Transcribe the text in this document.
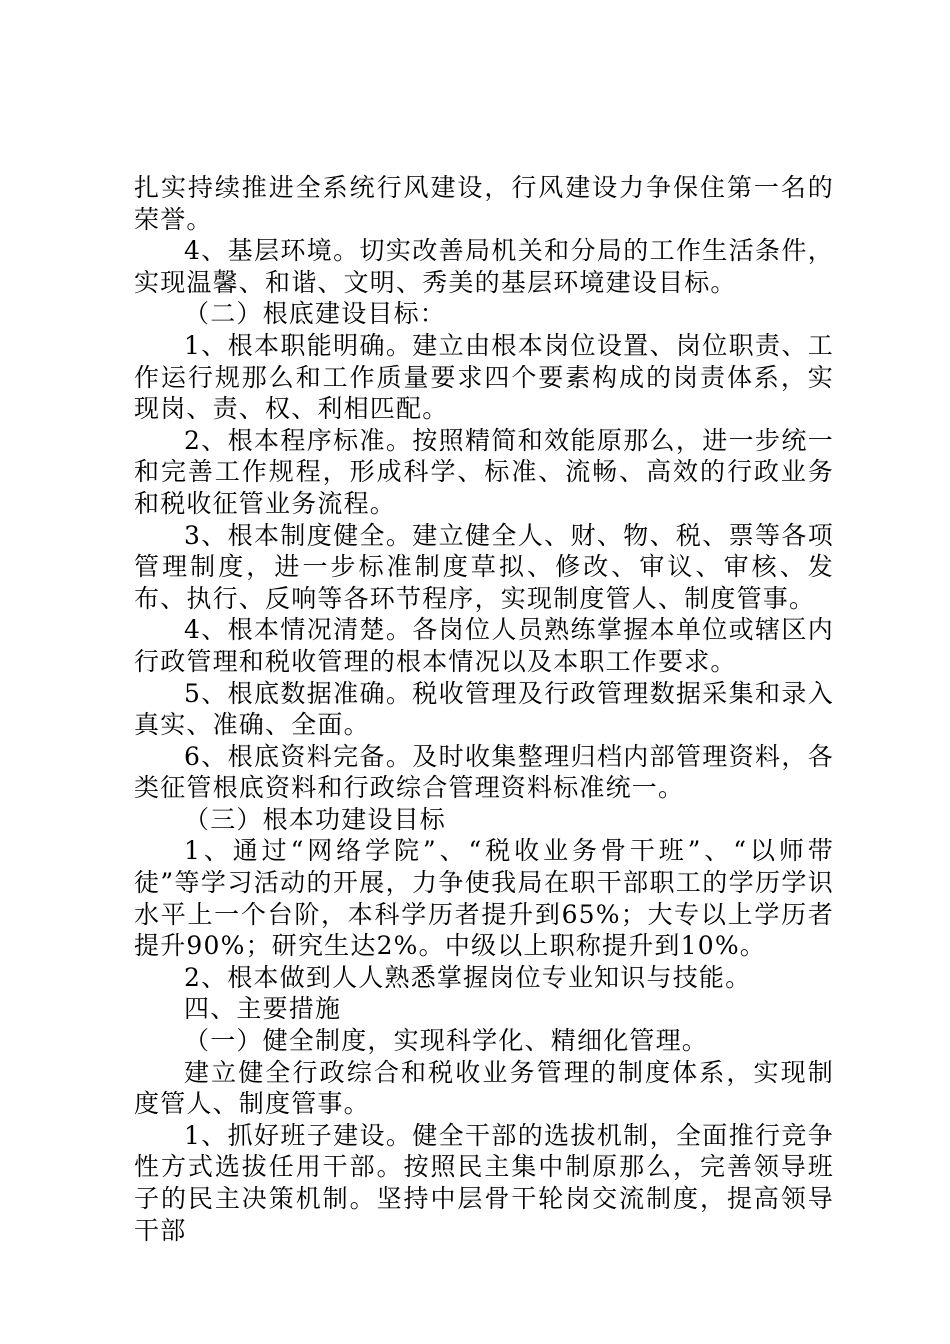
扎实持续推进全系统行风建设，行风建设力争保住第一名的荣誉。

4、基层环境。切实改善局机关和分局的工作生活条件，实现温馨、和谐、文明、秀美的基层环境建设目标。

（二）根底建设目标：

1、根本职能明确。建立由根本岗位设置、岗位职责、工作运行规那么和工作质量要求四个要素构成的岗责体系，实现岗、责、权、利相匹配。

2、根本程序标准。按照精简和效能原那么，进一步统一和完善工作规程，形成科学、标准、流畅、高效的行政业务和税收征管业务流程。

3、根本制度健全。建立健全人、财、物、税、票等各项管理制度，进一步标准制度草拟、修改、审议、审核、发布、执行、反响等各环节程序，实现制度管人、制度管事。

4、根本情况清楚。各岗位人员熟练掌握本单位或辖区内行政管理和税收管理的根本情况以及本职工作要求。

5、根底数据准确。税收管理及行政管理数据采集和录入真实、准确、全面。

6、根底资料完备。及时收集整理归档内部管理资料，各类征管根底资料和行政综合管理资料标准统一。

（三）根本功建设目标

1、通过“网络学院”、“税收业务骨干班”、“以师带徒”等学习活动的开展，力争使我局在职干部职工的学历学识水平上一个台阶，本科学历者提升到65%；大专以上学历者提升90%；研究生达2%。中级以上职称提升到10%。

2、根本做到人人熟悉掌握岗位专业知识与技能。

四、主要措施

（一）健全制度，实现科学化、精细化管理。

建立健全行政综合和税收业务管理的制度体系，实现制度管人、制度管事。

1、抓好班子建设。健全干部的选拔机制，全面推行竞争性方式选拔任用干部。按照民主集中制原那么，完善领导班子的民主决策机制。坚持中层骨干轮岗交流制度，提高领导干部
